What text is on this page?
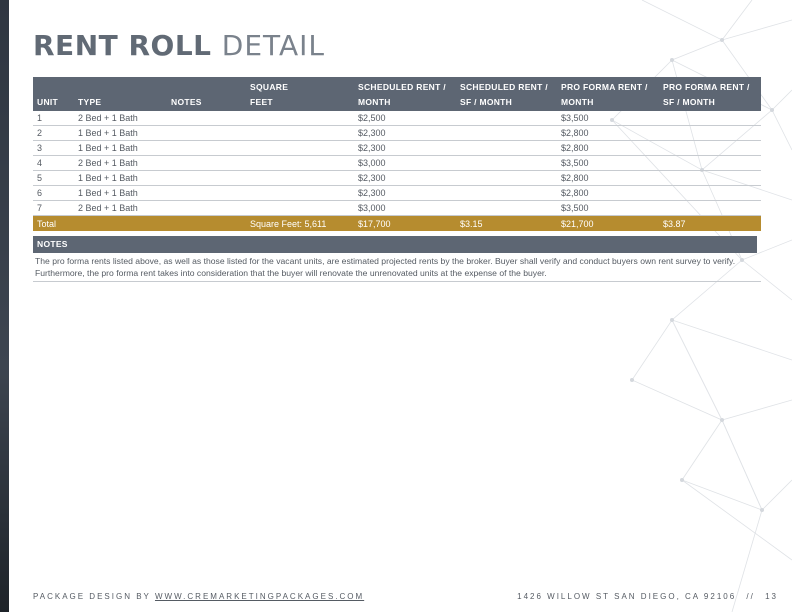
RENT ROLL DETAIL
			SQUARE	SCHEDULED RENT /	SCHEDULED RENT /	PRO FORMA RENT /	PRO FORMA RENT /
UNIT	TYPE	NOTES	FEET	MONTH	SF / MONTH	MONTH	SF / MONTH
1	2 Bed + 1 Bath			$2,500		$3,500	
2	1 Bed + 1 Bath			$2,300		$2,800	
3	1 Bed + 1 Bath			$2,300		$2,800	
4	2 Bed + 1 Bath			$3,000		$3,500	
5	1 Bed + 1 Bath			$2,300		$2,800	
6	1 Bed + 1 Bath			$2,300		$2,800	
7	2 Bed + 1 Bath			$3,000		$3,500	
Total			Square Feet: 5,611	$17,700	$3.15	$21,700	$3.87
NOTES

The pro forma rents listed above, as well as those listed for the vacant units, are estimated projected rents by the broker. Buyer shall verify and conduct buyers own rent survey to verify. Furthermore, the pro forma rent takes into consideration that the buyer will renovate the unrenovated units at the expense of the buyer.

PACKAGE DESIGN BY WWW.CREMARKETINGPACKAGES.COM	1426 WILLOW ST SAN DIEGO, CA 92106 // 13
